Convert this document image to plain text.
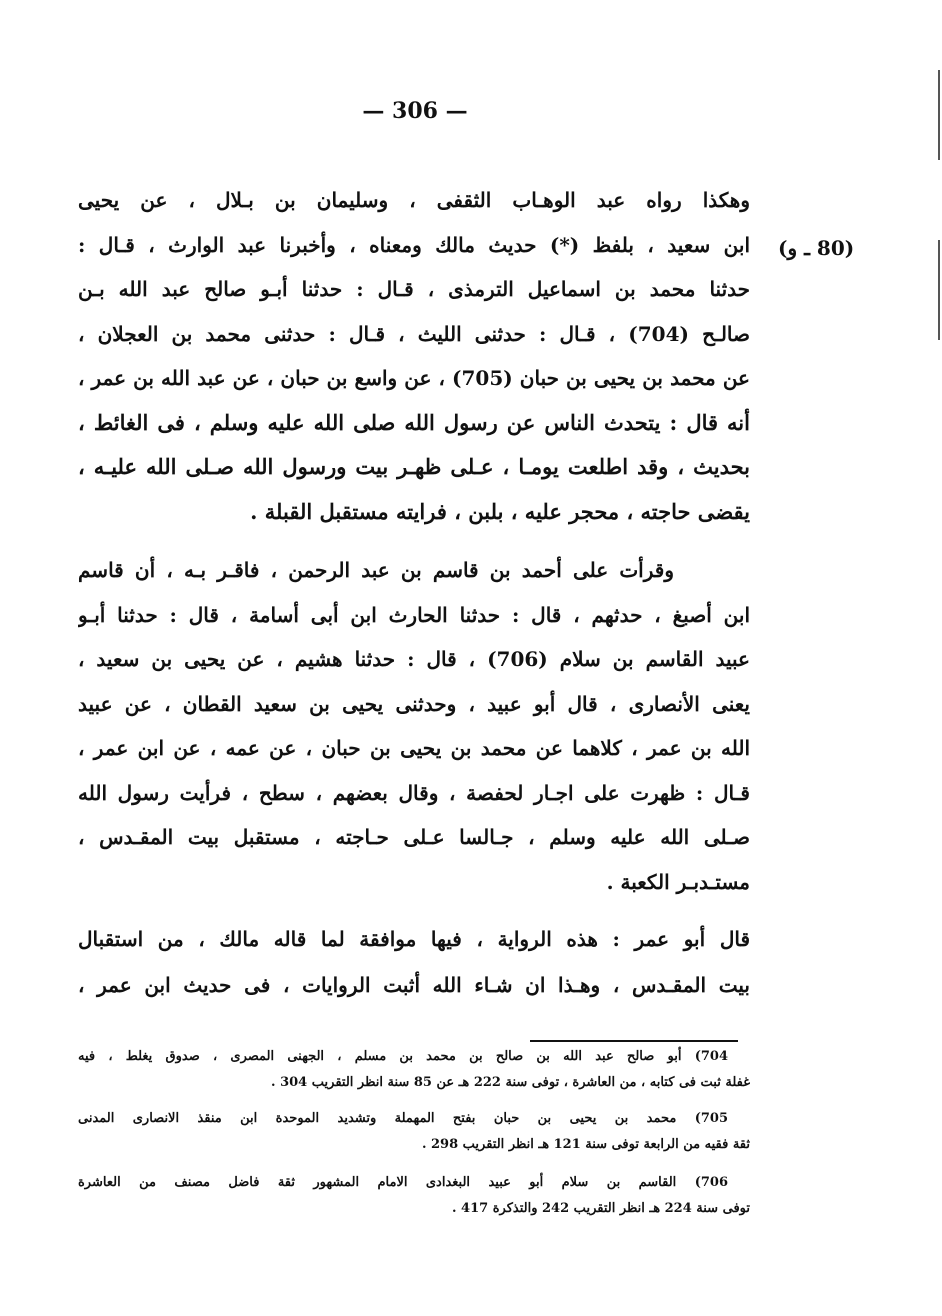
— 306 —
(80 ـ و)
وهكذا رواه عبد الوهـاب الثقفى ، وسليمان بن بـلال ، عن يحيى
ابن سعيد ، بلفظ (*) حديث مالك ومعناه ، وأخبرنا عبد الوارث ، قـال :
حدثنا محمد بن اسماعيل الترمذى ، قـال : حدثنا أبـو صالح عبد الله بـن
صالـح (704) ، قـال : حدثنى الليث ، قـال : حدثنى محمد بن العجلان ،
عن محمد بن يحيى بن حبان (705) ، عن واسع بن حبان ، عن عبد الله بن عمر ،
أنه قال : يتحدث الناس عن رسول الله صلى الله عليه وسلم ، فى الغائط ،
بحديث ، وقد اطلعت يومـا ، عـلى ظهـر بيت ورسول الله صـلى الله عليـه ،
يقضى حاجته ، محجر عليه ، بلبن ، فرايته مستقبل القبلة .
وقرأت على أحمد بن قاسم بن عبد الرحمن ، فاقـر بـه ، أن قاسم
ابن أصبغ ، حدثهم ، قال : حدثنا الحارث ابن أبى أسامة ، قال : حدثنا أبـو
عبيد القاسم بن سلام (706) ، قال : حدثنا هشيم ، عن يحيى بن سعيد ،
يعنى الأنصارى ، قال أبو عبيد ، وحدثنى يحيى بن سعيد القطان ، عن عبيد
الله بن عمر ، كلاهما عن محمد بن يحيى بن حبان ، عن عمه ، عن ابن عمر ،
قـال : ظهرت على اجـار لحفصة ، وقال بعضهم ، سطح ، فرأيت رسول الله
صـلى الله عليه وسلم ، جـالسا عـلى حـاجته ، مستقبل بيت المقـدس ،
مستـدبـر الكعبة .
قال أبو عمر : هذه الرواية ، فيها موافقة لما قاله مالك ، من استقبال
بيت المقـدس ، وهـذا ان شـاء الله أثبت الروايات ، فى حديث ابن عمر ،
704) أبو صالح عبد الله بن صالح بن محمد بن مسلم ، الجهنى المصرى ، صدوق يغلط ، فيه
غفلة ثبت فى كتابه ، من العاشرة ، توفى سنة 222 هـ عن 85 سنة انظر التقريب 304 .
705) محمد بن يحيى بن حبان بفتح المهملة وتشديد الموحدة ابن منقذ الانصارى المدنى
ثقة فقيه من الرابعة توفى سنة 121 هـ انظر التقريب 298 .
706) القاسم بن سلام أبو عبيد البغدادى الامام المشهور ثقة فاضل مصنف من العاشرة
توفى سنة 224 هـ انظر التقريب 242 والتذكرة 417 .
